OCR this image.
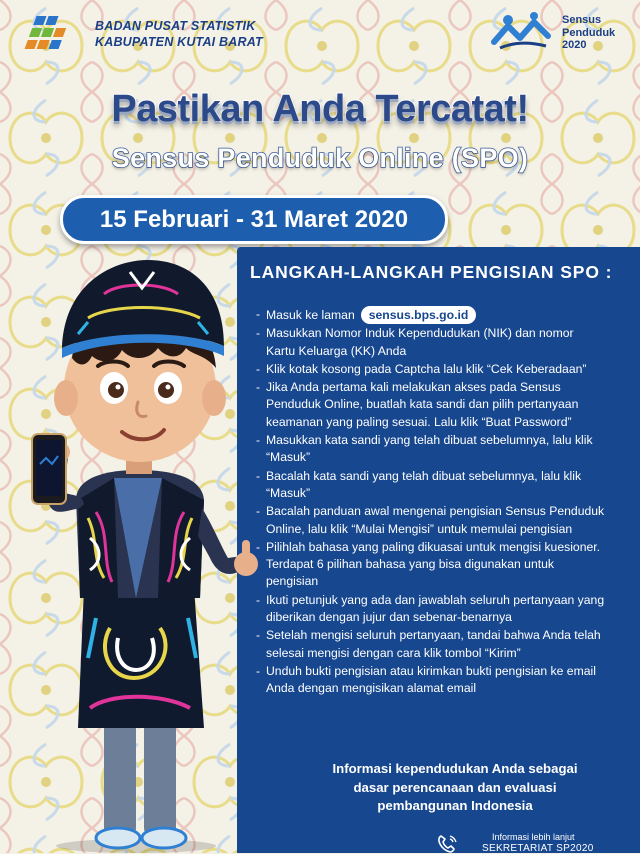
BADAN PUSAT STATISTIK
KABUPATEN KUTAI BARAT
Sensus
Penduduk
2020
Pastikan Anda Tercatat!
Sensus Penduduk Online (SPO)
15 Februari - 31 Maret 2020
LANGKAH-LANGKAH PENGISIAN SPO :
- Masuk ke laman sensus.bps.go.id
- Masukkan Nomor Induk Kependudukan (NIK) dan nomor Kartu Keluarga (KK) Anda
- Klik kotak kosong pada Captcha lalu klik “Cek Keberadaan”
- Jika Anda pertama kali melakukan akses pada Sensus Penduduk Online, buatlah kata sandi dan pilih pertanyaan keamanan yang paling sesuai. Lalu klik “Buat Password”
- Masukkan kata sandi yang telah dibuat sebelumnya, lalu klik “Masuk”
- Bacalah kata sandi yang telah dibuat sebelumnya, lalu klik “Masuk”
- Bacalah panduan awal mengenai pengisian Sensus Penduduk Online, lalu klik “Mulai Mengisi” untuk memulai pengisian
- Pilihlah bahasa yang paling dikuasai untuk mengisi kuesioner. Terdapat 6 pilihan bahasa yang bisa digunakan untuk pengisian
- Ikuti petunjuk yang ada dan jawablah seluruh pertanyaan yang diberikan dengan jujur dan sebenar-benarnya
- Setelah mengisi seluruh pertanyaan, tandai bahwa Anda telah selesai mengisi dengan cara klik tombol “Kirim”
- Unduh bukti pengisian atau kirimkan bukti pengisian ke email Anda dengan mengisikan alamat email
Informasi kependudukan Anda sebagai
dasar perencanaan dan evaluasi
pembangunan Indonesia
Informasi lebih lanjut
SEKRETARIAT SP2020
